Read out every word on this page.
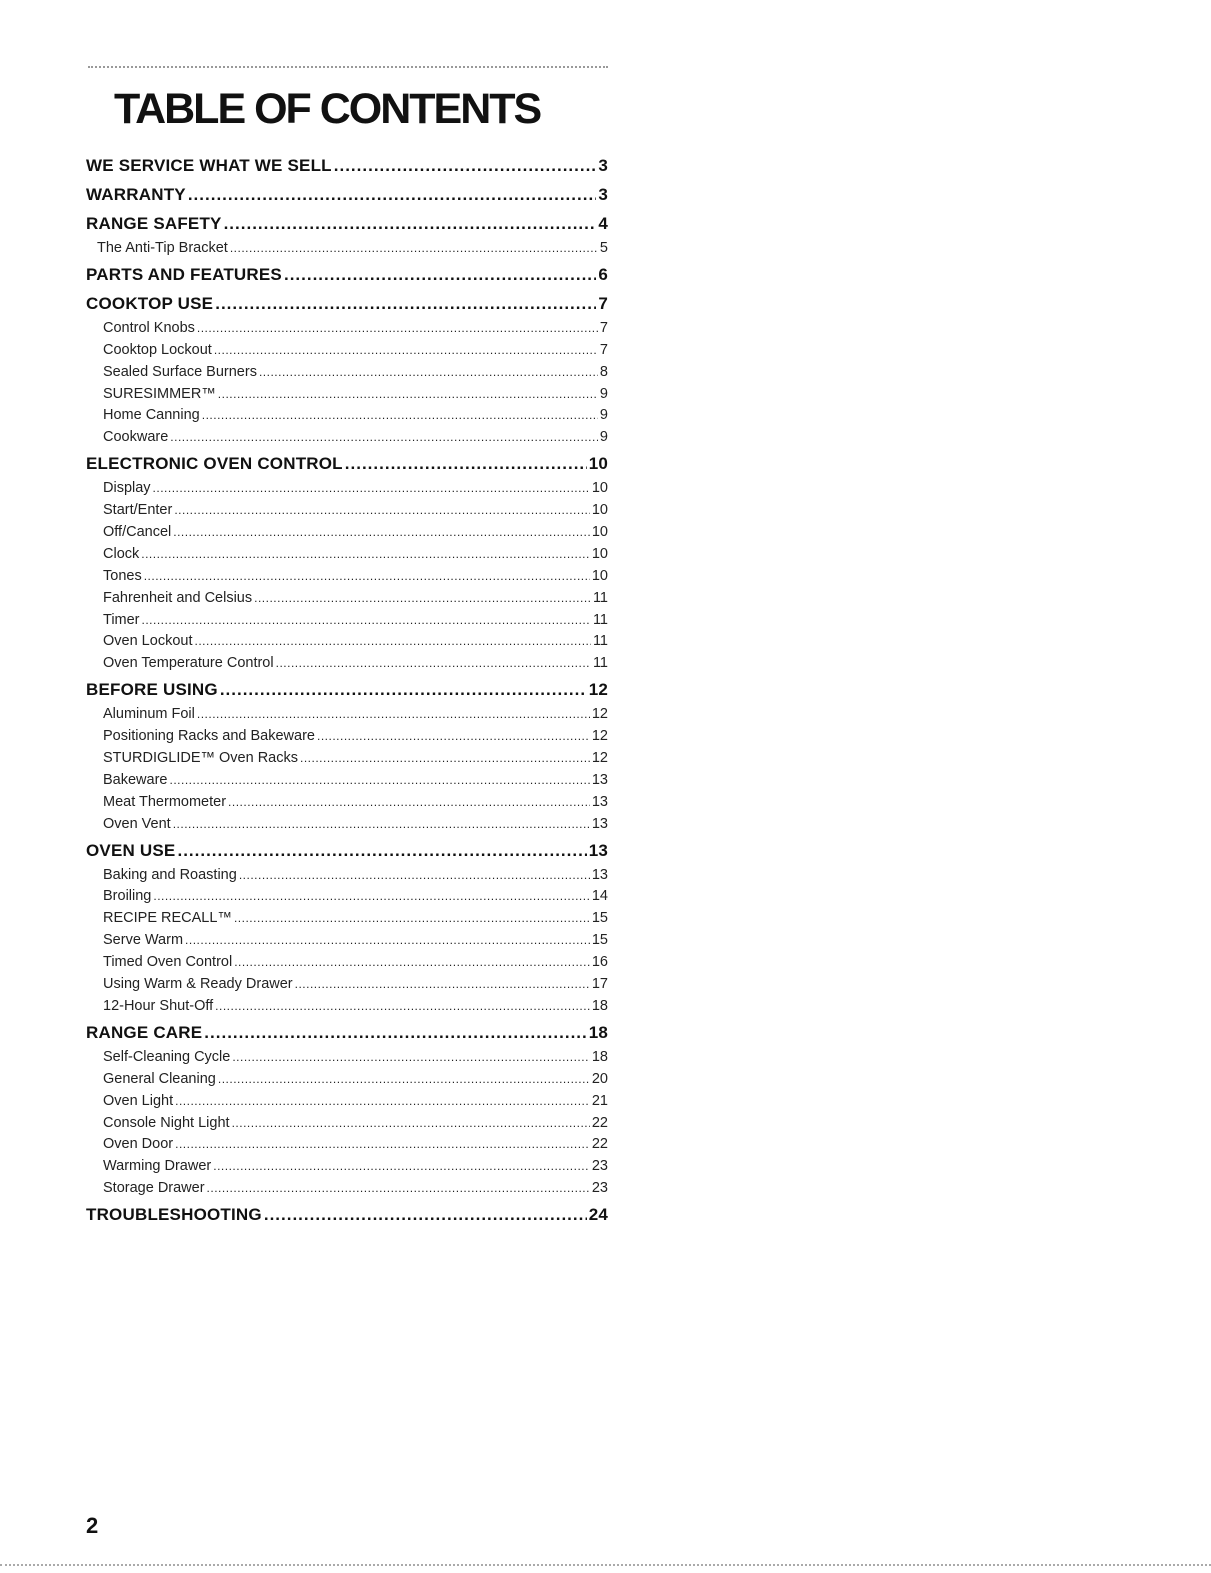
TABLE OF CONTENTS
WE SERVICE WHAT WE SELL .....	3
WARRANTY .....	3
RANGE SAFETY .....	4
The Anti-Tip Bracket .....	5
PARTS AND FEATURES .....	6
COOKTOP USE .....	7
Control Knobs .....	7
Cooktop Lockout .....	7
Sealed Surface Burners .....	8
SURESIMMER™ .....	9
Home Canning .....	9
Cookware .....	9
ELECTRONIC OVEN CONTROL .....	10
Display .....	10
Start/Enter .....	10
Off/Cancel .....	10
Clock .....	10
Tones .....	10
Fahrenheit and Celsius .....	11
Timer .....	11
Oven Lockout .....	11
Oven Temperature Control .....	11
BEFORE USING .....	12
Aluminum Foil .....	12
Positioning Racks and Bakeware .....	12
STURDIGLIDE™ Oven Racks .....	12
Bakeware .....	13
Meat Thermometer .....	13
Oven Vent .....	13
OVEN USE .....	13
Baking and Roasting .....	13
Broiling .....	14
RECIPE RECALL™ .....	15
Serve Warm .....	15
Timed Oven Control .....	16
Using Warm & Ready Drawer .....	17
12-Hour Shut-Off .....	18
RANGE CARE .....	18
Self-Cleaning Cycle .....	18
General Cleaning .....	20
Oven Light .....	21
Console Night Light .....	22
Oven Door .....	22
Warming Drawer .....	23
Storage Drawer .....	23
TROUBLESHOOTING .....	24
2
